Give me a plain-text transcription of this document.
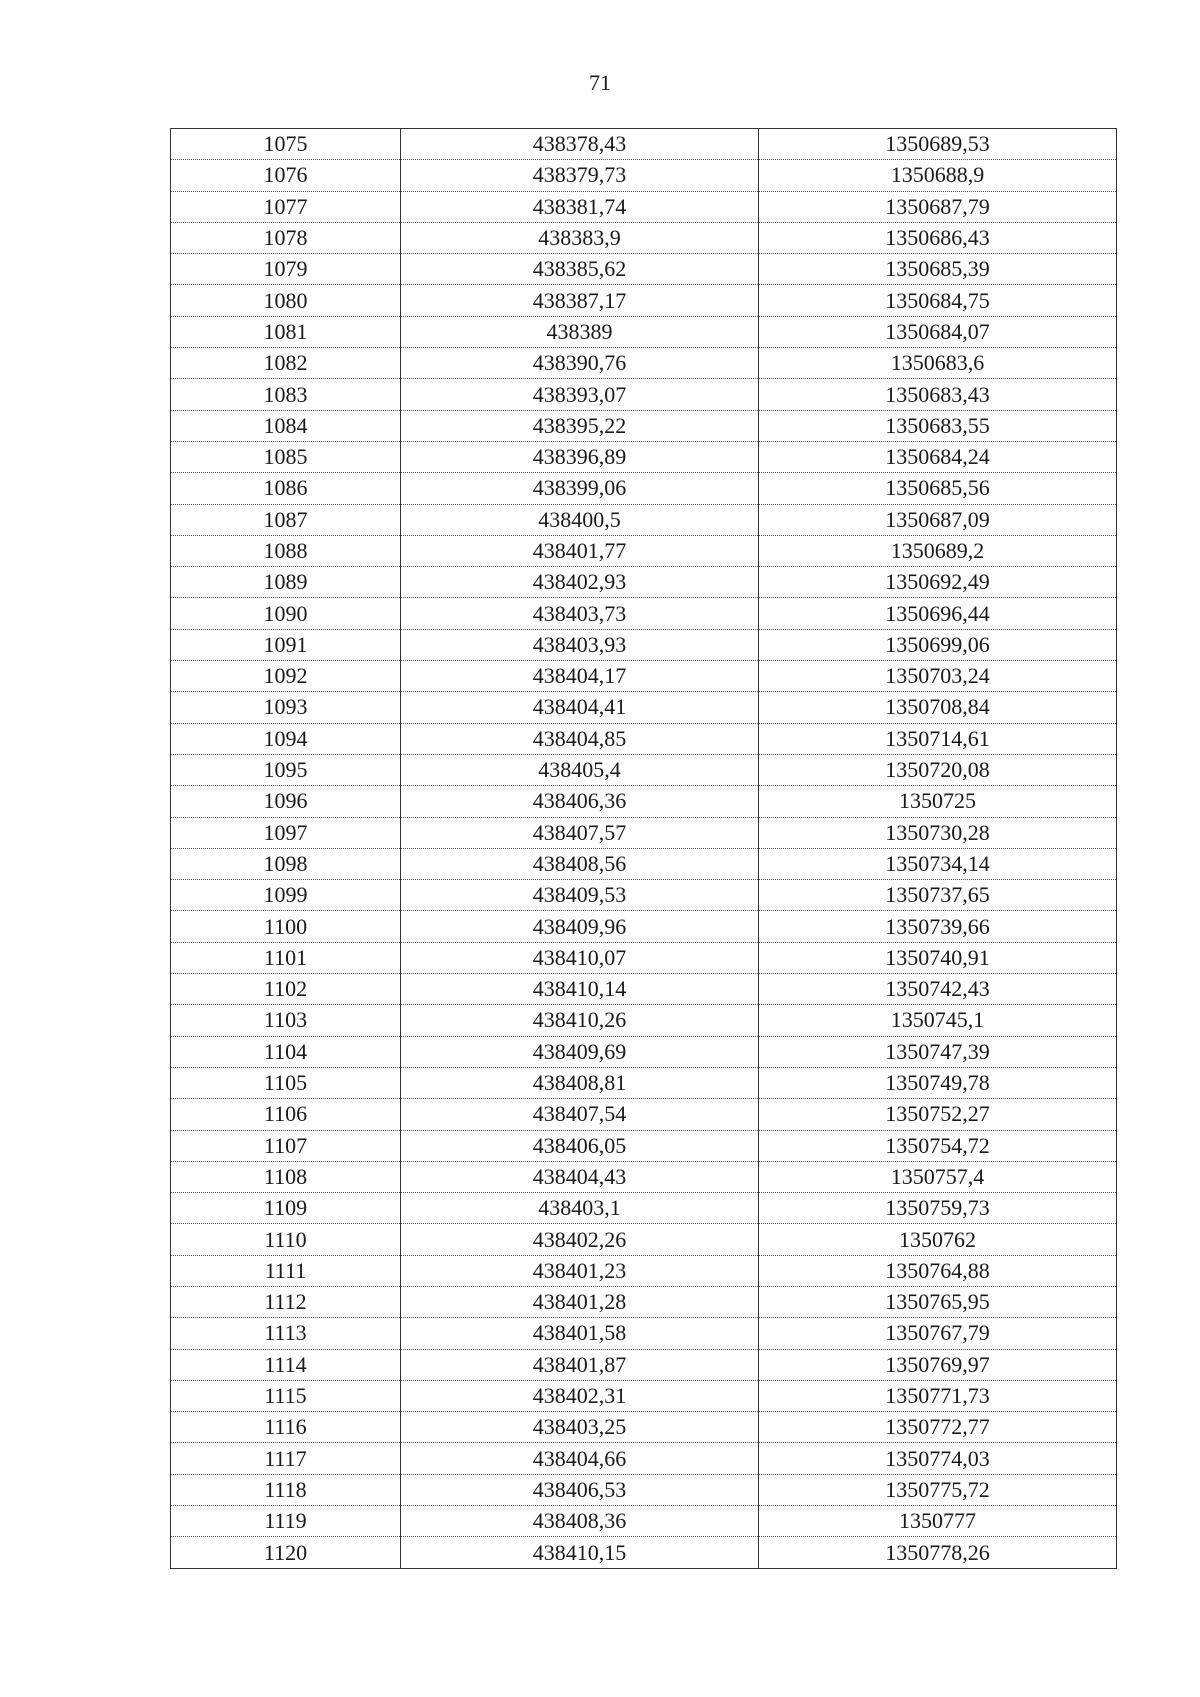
71
1075	438378,43	1350689,53
1076	438379,73	1350688,9
1077	438381,74	1350687,79
1078	438383,9	1350686,43
1079	438385,62	1350685,39
1080	438387,17	1350684,75
1081	438389	1350684,07
1082	438390,76	1350683,6
1083	438393,07	1350683,43
1084	438395,22	1350683,55
1085	438396,89	1350684,24
1086	438399,06	1350685,56
1087	438400,5	1350687,09
1088	438401,77	1350689,2
1089	438402,93	1350692,49
1090	438403,73	1350696,44
1091	438403,93	1350699,06
1092	438404,17	1350703,24
1093	438404,41	1350708,84
1094	438404,85	1350714,61
1095	438405,4	1350720,08
1096	438406,36	1350725
1097	438407,57	1350730,28
1098	438408,56	1350734,14
1099	438409,53	1350737,65
1100	438409,96	1350739,66
1101	438410,07	1350740,91
1102	438410,14	1350742,43
1103	438410,26	1350745,1
1104	438409,69	1350747,39
1105	438408,81	1350749,78
1106	438407,54	1350752,27
1107	438406,05	1350754,72
1108	438404,43	1350757,4
1109	438403,1	1350759,73
1110	438402,26	1350762
1111	438401,23	1350764,88
1112	438401,28	1350765,95
1113	438401,58	1350767,79
1114	438401,87	1350769,97
1115	438402,31	1350771,73
1116	438403,25	1350772,77
1117	438404,66	1350774,03
1118	438406,53	1350775,72
1119	438408,36	1350777
1120	438410,15	1350778,26
